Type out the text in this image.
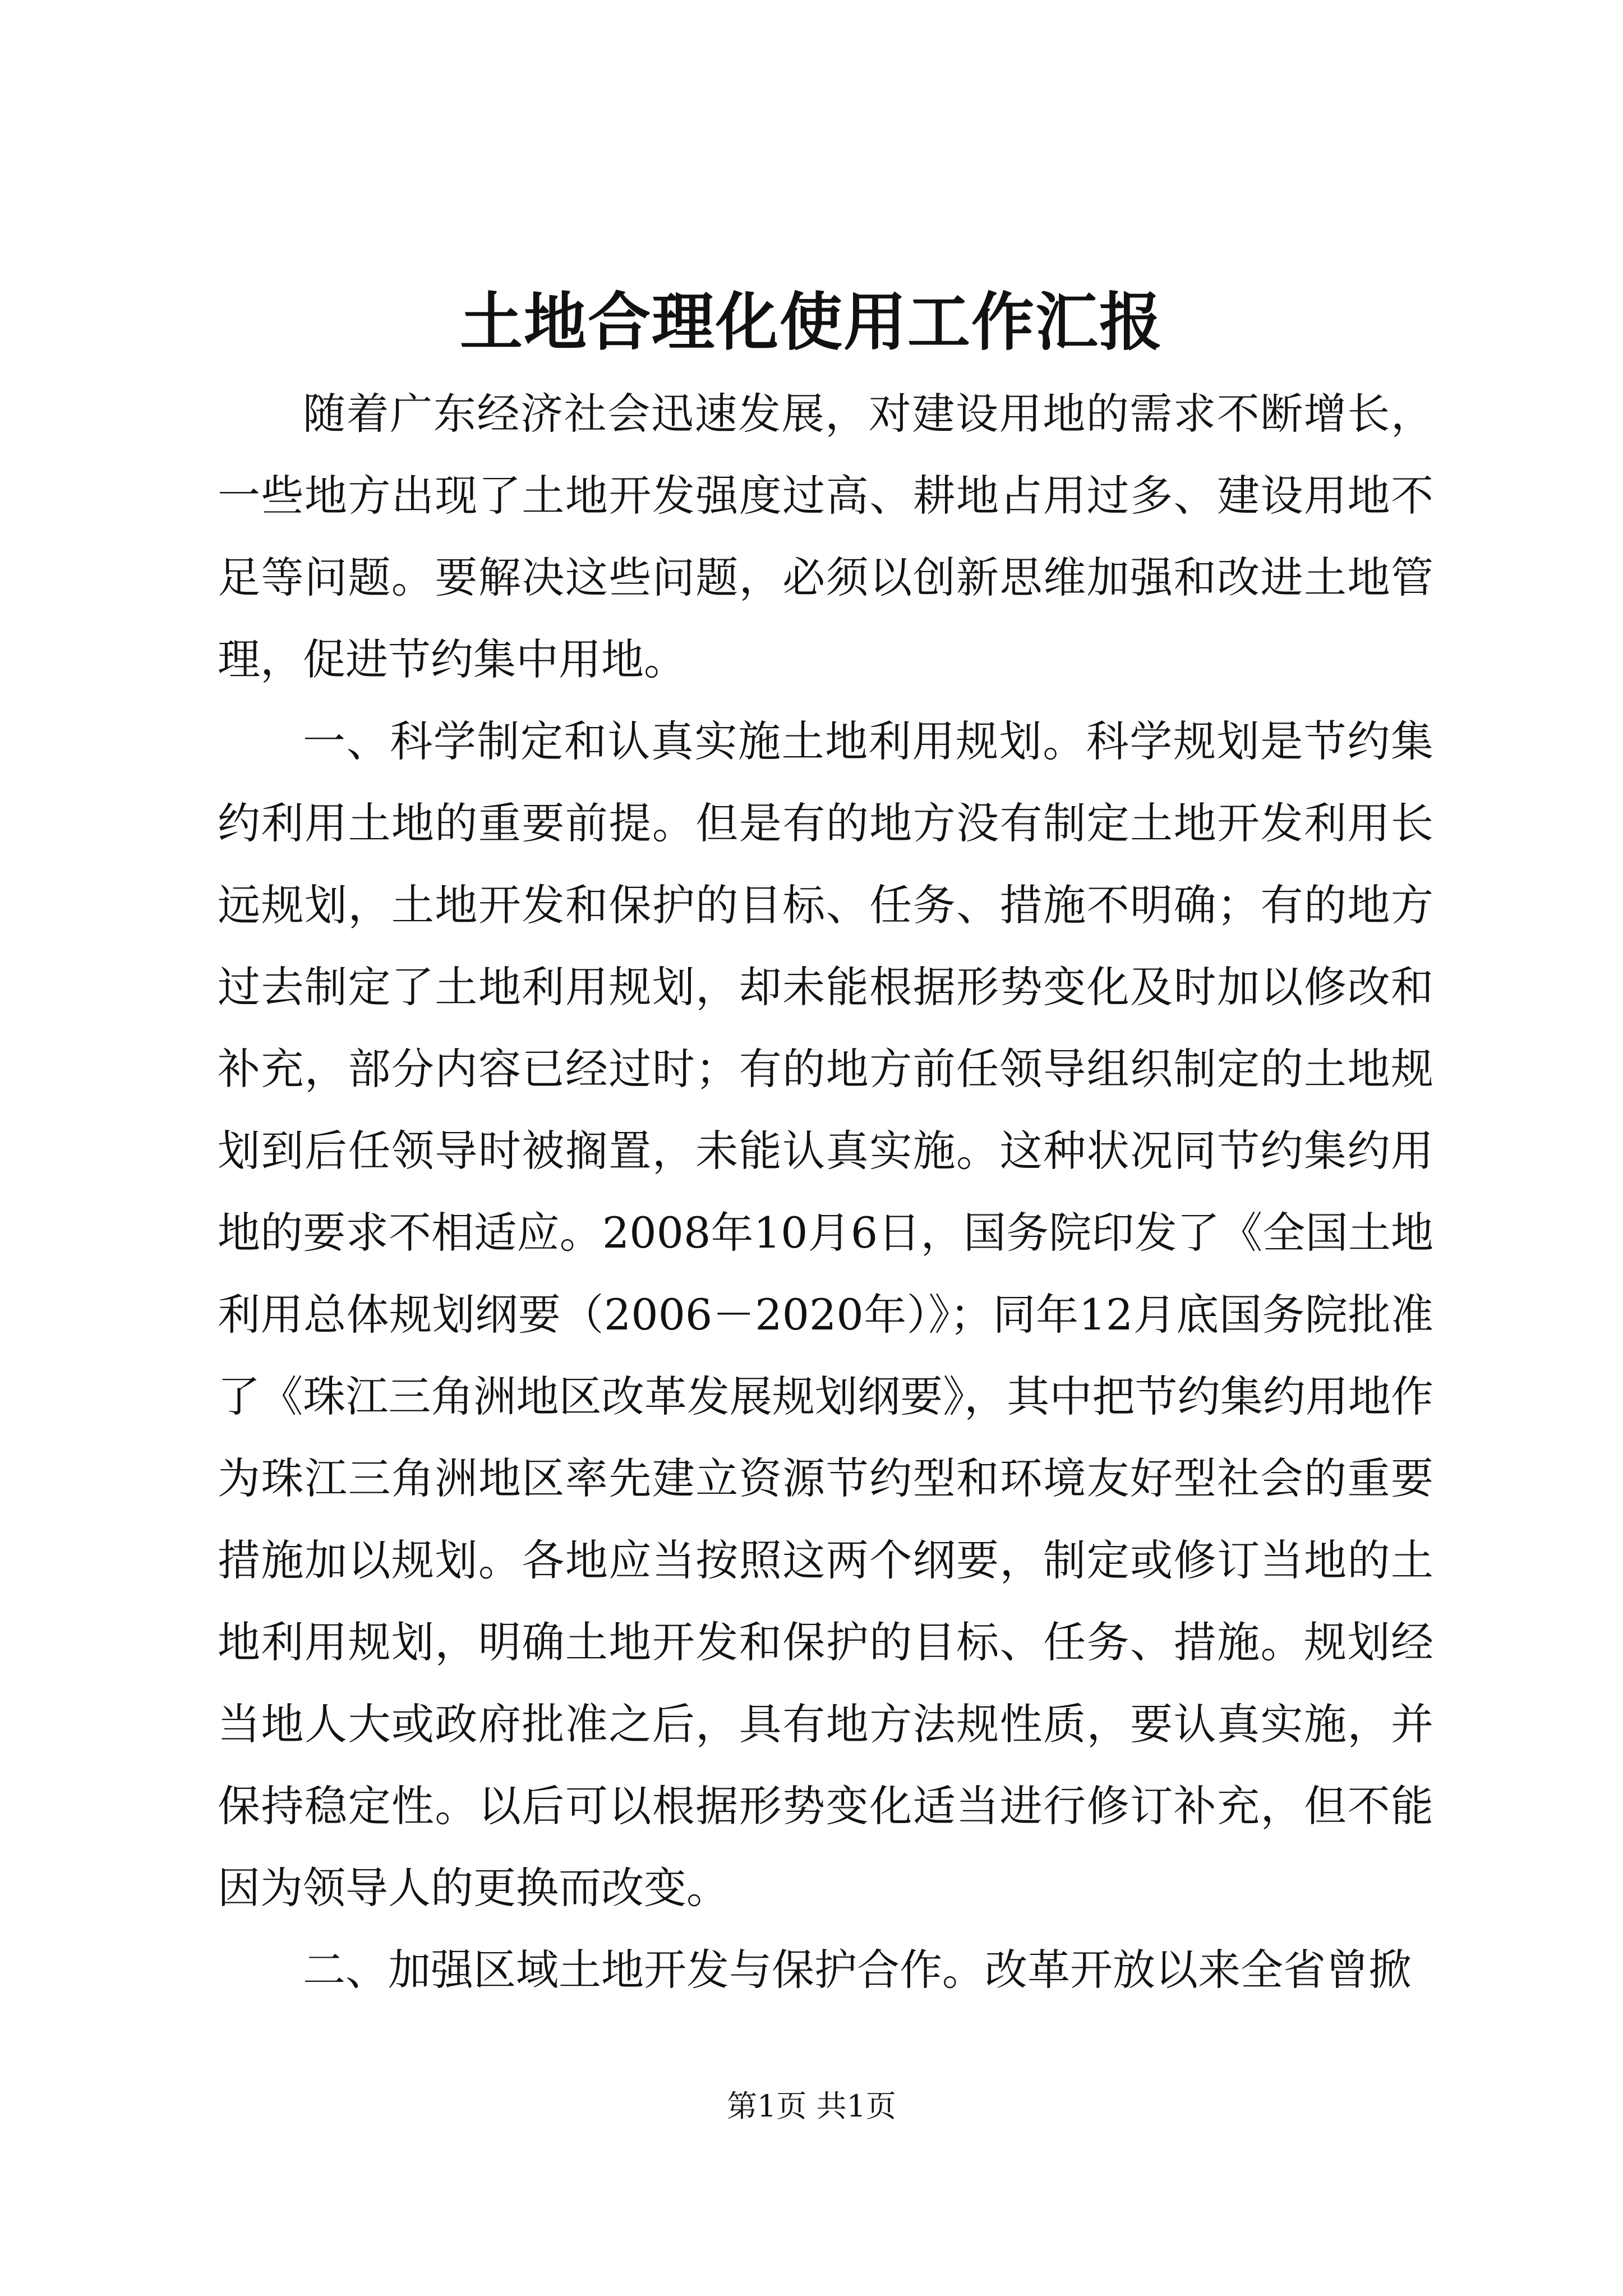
土地合理化使用工作汇报

随着广东经济社会迅速发展，对建设用地的需求不断增长，一些地方出现了土地开发强度过高、耕地占用过多、建设用地不足等问题。要解决这些问题，必须以创新思维加强和改进土地管理，促进节约集中用地。

一、科学制定和认真实施土地利用规划。科学规划是节约集约利用土地的重要前提。但是有的地方没有制定土地开发利用长远规划，土地开发和保护的目标、任务、措施不明确；有的地方过去制定了土地利用规划，却未能根据形势变化及时加以修改和补充，部分内容已经过时；有的地方前任领导组织制定的土地规划到后任领导时被搁置，未能认真实施。这种状况同节约集约用地的要求不相适应。2008年10月6日，国务院印发了《全国土地利用总体规划纲要（2006－2020年）》；同年12月底国务院批准了《珠江三角洲地区改革发展规划纲要》，其中把节约集约用地作为珠江三角洲地区率先建立资源节约型和环境友好型社会的重要措施加以规划。各地应当按照这两个纲要，制定或修订当地的土地利用规划，明确土地开发和保护的目标、任务、措施。规划经当地人大或政府批准之后，具有地方法规性质，要认真实施，并保持稳定性。以后可以根据形势变化适当进行修订补充，但不能因为领导人的更换而改变。

二、加强区域土地开发与保护合作。改革开放以来全省曾掀

第1页 共1页
